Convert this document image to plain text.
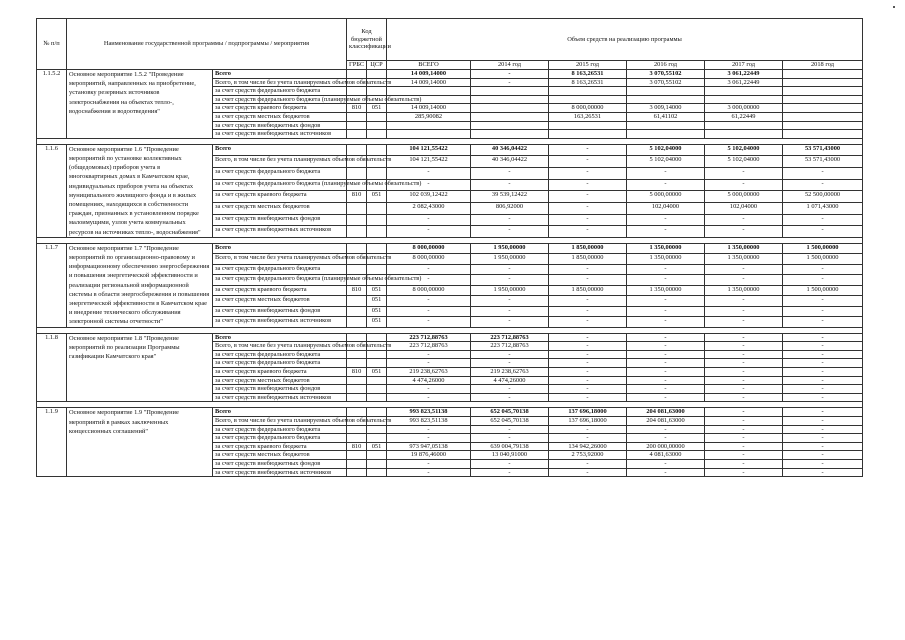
№ п/п	Наименование государственной программы / подпрограммы / мероприятия		Код бюджетной классификации		Объем средств на реализацию программы					
			ГРБС	ЦСР	ВСЕГО	2014 год	2015 год	2016 год	2017 год	2018 год
1.1.5.2	Основное мероприятие 1.5.2 "Проведение мероприятий, направленных на приобретение, установку резервных источников электроснабжения на объектах тепло-, водоснабжения и водоотведения"	Всего			14 009,14000	-	8 163,26531	3 070,55102	3 061,22449	
		Всего, в том числе без учета планируемых объемов обязательств			14 009,14000	-	8 163,26531	3 070,55102	3 061,22449	
		за счет средств федерального бюджета								
		за счет средств федерального бюджета (планируемые объемы обязательств)								
		за счет средств краевого бюджета	810	051	14 009,14000		8 000,00000	3 009,14000	3 000,00000	
		за счет средств местных бюджетов			285,90082		163,26531	61,41102	61,22449	
		за счет средств внебюджетных фондов								
		за счет средств внебюджетных источников								

1.1.6	Основное мероприятие 1.6 "Проведение мероприятий по установке коллективных (общедомовых) приборов учета в многоквартирных домах в Камчатском крае, индивидуальных приборов учета на объектах муниципального жилищного фонда и в жилых помещениях, находящихся в собственности граждан, признанных в установленном порядке малоимущими, узлов учета коммунальных ресурсов на источниках тепло-, водоснабжения"	Всего			104 121,55422	40 346,04422	-	5 102,04000	5 102,04000	53 571,43000
		Всего, в том числе без учета планируемых объемов обязательств			104 121,55422	40 346,04422	-	5 102,04000	5 102,04000	53 571,43000
		за счет средств федерального бюджета			-	-	-	-	-	-
		за счет средств федерального бюджета (планируемые объемы обязательств)			-	-	-	-	-	-
		за счет средств краевого бюджета	810	051	102 039,12422	39 539,12422	-	5 000,00000	5 000,00000	52 500,00000
		за счет средств местных бюджетов			2 082,43000	806,92000	-	102,04000	102,04000	1 071,43000
		за счет средств внебюджетных фондов			-	-	-	-	-	-
		за счет средств внебюджетных источников			-	-	-	-	-	-

1.1.7	Основное мероприятие 1.7 "Проведение мероприятий по организационно-правовому и информационному обеспечению энергосбережения и повышения энергетической эффективности и реализации региональной информационной системы в области энергосбережения и повышения энергетической эффективности в Камчатском крае и внедрение технического обслуживания электронной системы отчетности"	Всего			8 000,00000	1 950,00000	1 850,00000	1 350,00000	1 350,00000	1 500,00000
		Всего, в том числе без учета планируемых объемов обязательств			8 000,00000	1 950,00000	1 850,00000	1 350,00000	1 350,00000	1 500,00000
		за счет средств федерального бюджета			-	-	-	-	-	-
		за счет средств федерального бюджета (планируемые объемы обязательств)			-	-	-	-	-	-
		за счет средств краевого бюджета	810	051	8 000,00000	1 950,00000	1 850,00000	1 350,00000	1 350,00000	1 500,00000
		за счет средств местных бюджетов		051	-	-	-	-	-	-
		за счет средств внебюджетных фондов		051	-	-	-	-	-	-
		за счет средств внебюджетных источников		051	-	-	-	-	-	-

1.1.8	Основное мероприятие 1.8 "Проведение мероприятий по реализации Программы газификации Камчатского края"	Всего			223 712,88763	223 712,88763	-	-	-	-
		Всего, в том числе без учета планируемых объемов обязательств			223 712,88763	223 712,88763	-	-	-	-
		за счет средств федерального бюджета			-	-	-	-	-	-
		за счет средств федерального бюджета			-	-	-	-	-	-
		за счет средств краевого бюджета	810	051	219 238,62763	219 238,62763	-	-	-	-
		за счет средств местных бюджетов			4 474,26000	4 474,26000	-	-	-	-
		за счет средств внебюджетных фондов			-	-	-	-	-	-
		за счет средств внебюджетных источников			-	-	-	-	-	-

1.1.9	Основное мероприятие 1.9 "Проведение мероприятий в рамках заключенных концессионных соглашений"	Всего			993 823,51138	652 045,70138	137 696,18000	204 081,63000	-	-
		Всего, в том числе без учета планируемых объемов обязательств			993 823,51138	652 045,70138	137 696,18000	204 081,63000	-	-
		за счет средств федерального бюджета			-	-	-	-	-	-
		за счет средств федерального бюджета			-	-	-	-	-	-
		за счет средств краевого бюджета	810	051	973 947,05138	639 004,79138	134 942,26000	200 000,00000	-	-
		за счет средств местных бюджетов			19 876,46000	13 040,91000	2 753,92000	4 081,63000	-	-
		за счет средств внебюджетных фондов			-	-	-	-	-	-
		за счет средств внебюджетных источников			-	-	-	-	-	-
